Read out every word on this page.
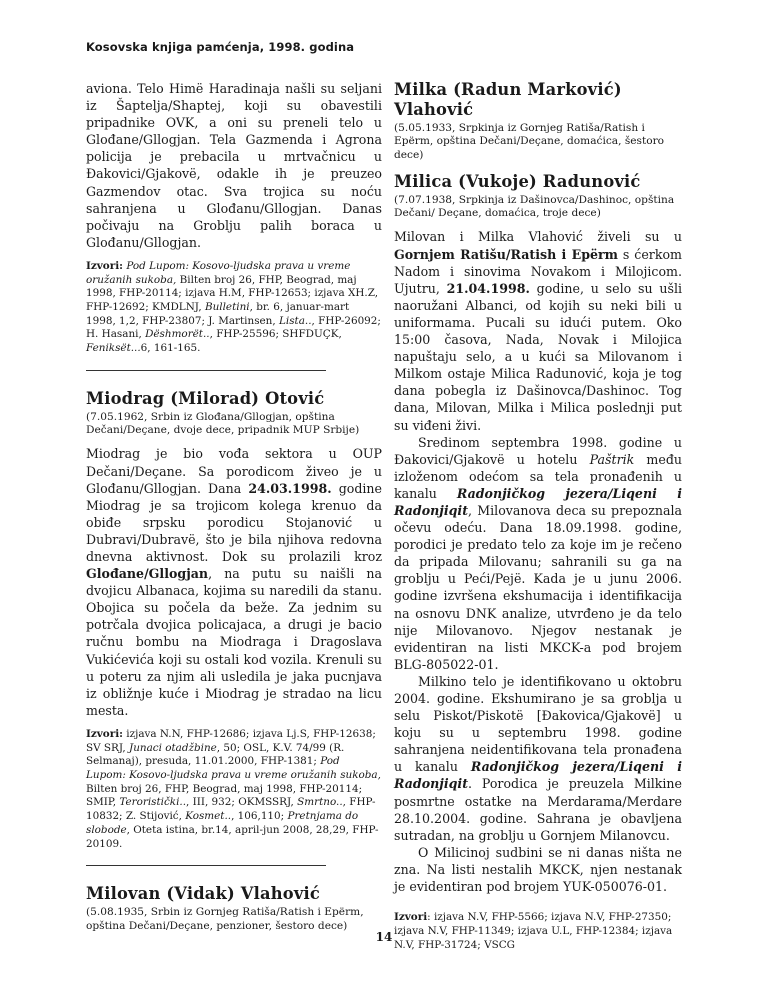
Kosovska knjiga pamćenja, 1998. godina

aviona. Telo Himë Haradinaja našli su seljani iz Šaptelja/Shaptej, koji su obavestili pripadnike OVK, a oni su preneli telo u Glođane/Gllogjan. Tela Gazmenda i Agrona policija je prebacila u mrtvačnicu u Đakovici/Gjakovë, odakle ih je preuzeo Gazmendov otac. Sva trojica su noću sahranjena u Glođanu/Gllogjan. Danas počivaju na Groblju palih boraca u Glođanu/Gllogjan.

Izvori: Pod Lupom: Kosovo-ljudska prava u vreme oružanih sukoba, Bilten broj 26, FHP, Beograd, maj 1998, FHP-20114; izjava H.M, FHP-12653; izjava XH.Z, FHP-12692; KMDLNJ, Bulletini, br. 6, januar-mart 1998, 1,2, FHP-23807; J. Martinsen, Lista.., FHP-26092; H. Hasani, Dëshmorët.., FHP-25596; SHFDUÇK, Feniksët...6, 161-165.
Miodrag (Milorad) Otović
(7.05.1962, Srbin iz Glođana/Gllogjan, opština Dečani/Deçane, dvoje dece, pripadnik MUP Srbije)

Miodrag je bio vođa sektora u OUP Dečani/Deçane. Sa porodicom živeo je u Glođanu/Gllogjan. Dana 24.03.1998. godine Miodrag je sa trojicom kolega krenuo da obiđe srpsku porodicu Stojanović u Dubravi/Dubravë, što je bila njihova redovna dnevna aktivnost. Dok su prolazili kroz Glođane/Gllogjan, na putu su naišli na dvojicu Albanaca, kojima su naredili da stanu. Obojica su počela da beže. Za jednim su potrčala dvojica policajaca, a drugi je bacio ručnu bombu na Miodraga i Dragoslava Vukićevića koji su ostali kod vozila. Krenuli su u poteru za njim ali usledila je jaka pucnjava iz obližnje kuće i Miodrag je stradao na licu mesta.

Izvori: izjava N.N, FHP-12686; izjava Lj.S, FHP-12638; SV SRJ, Junaci otadžbine, 50; OSL, K.V. 74/99 (R. Selmanaj), presuda, 11.01.2000, FHP-1381; Pod Lupom: Kosovo-ljudska prava u vreme oružanih sukoba, Bilten broj 26, FHP, Beograd, maj 1998, FHP-20114; SMIP, Teroristički.., III, 932; OKMSSRJ, Smrtno.., FHP-10832; Z. Stijović, Kosmet.., 106,110; Pretnjama do slobode, Oteta istina, br.14, april-jun 2008, 28,29, FHP-20109.
Milovan (Vidak) Vlahović
(5.08.1935, Srbin iz Gornjeg Ratiša/Ratish i Epërm, opština Dečani/Deçane, penzioner, šestoro dece)
Milka (Radun Marković) Vlahović
(5.05.1933, Srpkinja iz Gornjeg Ratiša/Ratish i Epërm, opština Dečani/Deçane, domaćica, šestoro dece)
Milica (Vukoje) Radunović
(7.07.1938, Srpkinja iz Dašinovca/Dashinoc, opština Dečani/ Deçane, domaćica, troje dece)

Milovan i Milka Vlahović živeli su u Gornjem Ratišu/Ratish i Epërm s ćerkom Nadom i sinovima Novakom i Milojicom. Ujutru, 21.04.1998. godine, u selo su ušli naoružani Albanci, od kojih su neki bili u uniformama. Pucali su idući putem. Oko 15:00 časova, Nada, Novak i Milojica napuštaju selo, a u kući sa Milovanom i Milkom ostaje Milica Radunović, koja je tog dana pobegla iz Dašinovca/Dashinoc. Tog dana, Milovan, Milka i Milica poslednji put su viđeni živi.

Sredinom septembra 1998. godine u Đakovici/Gjakovë u hotelu Paštrik među izloženom odećom sa tela pronađenih u kanalu Radonjičkog jezera/Liqeni i Radonjiqit, Milovanova deca su prepoznala očevu odeću. Dana 18.09.1998. godine, porodici je predato telo za koje im je rečeno da pripada Milovanu; sahranili su ga na groblju u Peći/Pejë. Kada je u junu 2006. godine izvršena ekshumacija i identifikacija na osnovu DNK analize, utvrđeno je da telo nije Milovanovo. Njegov nestanak je evidentiran na listi MKCK-a pod brojem BLG-805022-01.

Milkino telo je identifikovano u oktobru 2004. godine. Ekshumirano je sa groblja u selu Piskot/Piskotë [Đakovica/Gjakovë] u koju su u septembru 1998. godine sahranjena neidentifikovana tela pronađena u kanalu Radonjičkog jezera/Liqeni i Radonjiqit. Porodica je preuzela Milkine posmrtne ostatke na Merdarama/Merdare 28.10.2004. godine. Sahrana je obavljena sutradan, na groblju u Gornjem Milanovcu.

O Milicinoj sudbini se ni danas ništa ne zna. Na listi nestalih MKCK, njen nestanak je evidentiran pod brojem YUK-050076-01.

Izvori: izjava N.V, FHP-5566; izjava N.V, FHP-27350; izjava N.V, FHP-11349; izjava U.L, FHP-12384; izjava N.V, FHP-31724; VSCG
14
